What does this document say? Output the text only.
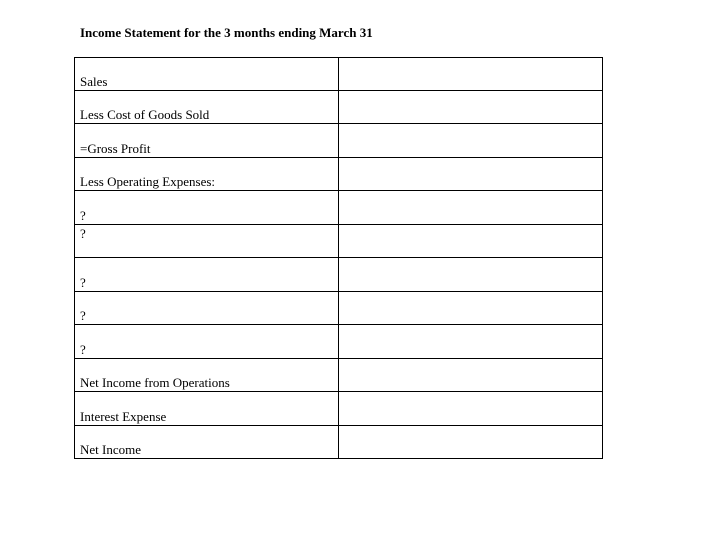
Income Statement for the 3 months ending March 31
Sales	

Less Cost of Goods Sold	

=Gross Profit	

Less Operating Expenses:	

?	

?	

?	

?	

?	

Net Income from Operations	

Interest Expense	

Net Income	
